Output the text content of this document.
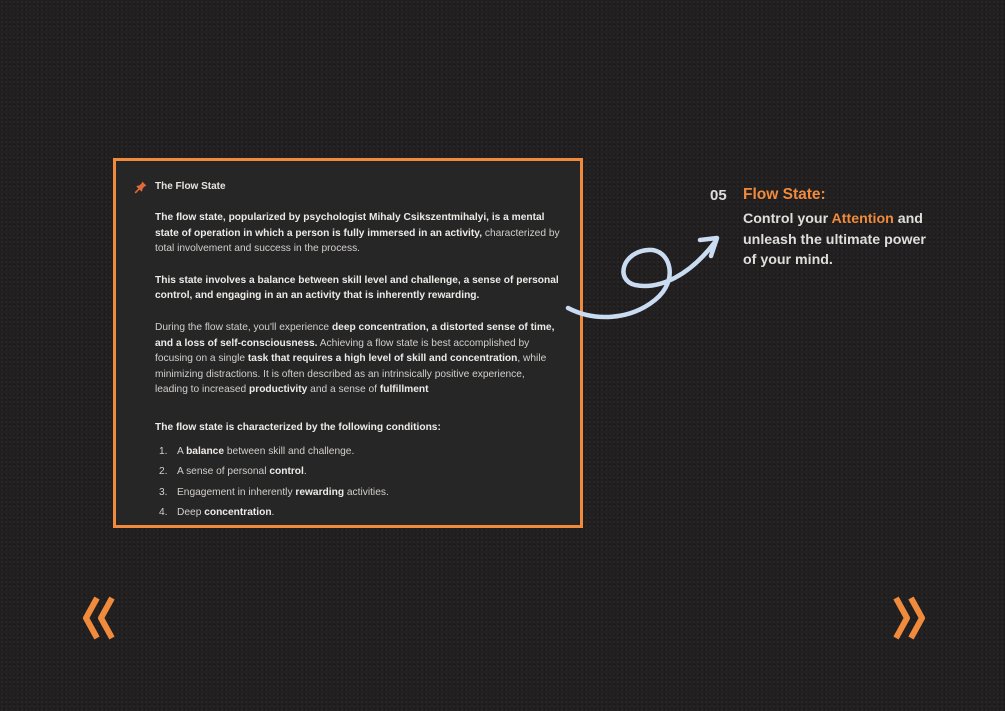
The Flow State

The flow state, popularized by psychologist Mihaly Csikszentmihalyi, is a mental state of operation in which a person is fully immersed in an activity, characterized by total involvement and success in the process.

This state involves a balance between skill level and challenge, a sense of personal control, and engaging in an an activity that is inherently rewarding.

During the flow state, you'll experience deep concentration, a distorted sense of time, and a loss of self-consciousness. Achieving a flow state is best accomplished by focusing on a single task that requires a high level of skill and concentration, while minimizing distractions. It is often described as an intrinsically positive experience, leading to increased productivity and a sense of fulfillment

The flow state is characterized by the following conditions:

1. A balance between skill and challenge.
2. A sense of personal control.
3. Engagement in inherently rewarding activities.
4. Deep concentration.
05 Flow State:
Control your Attention and unleash the ultimate power of your mind.
